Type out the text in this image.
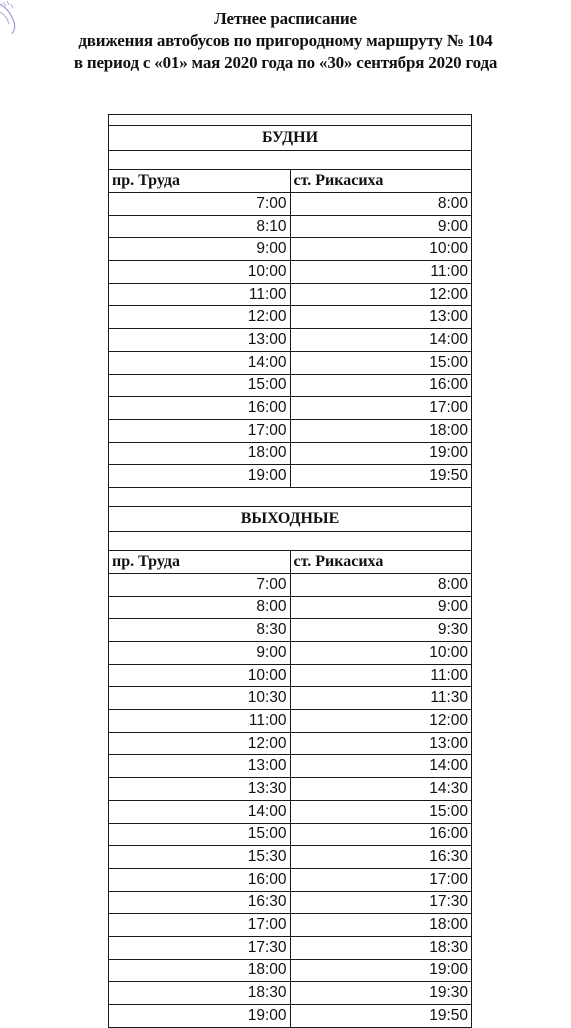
Летнее расписание
движения автобусов по пригородному маршруту № 104
в период с «01» мая 2020 года по «30» сентября 2020 года

БУДНИ	

пр. Труда	ст. Рикасиха
7:00	8:00
8:10	9:00
9:00	10:00
10:00	11:00
11:00	12:00
12:00	13:00
13:00	14:00
14:00	15:00
15:00	16:00
16:00	17:00
17:00	18:00
18:00	19:00
19:00	19:50

ВЫХОДНЫЕ	

пр. Труда	ст. Рикасиха
7:00	8:00
8:00	9:00
8:30	9:30
9:00	10:00
10:00	11:00
10:30	11:30
11:00	12:00
12:00	13:00
13:00	14:00
13:30	14:30
14:00	15:00
15:00	16:00
15:30	16:30
16:00	17:00
16:30	17:30
17:00	18:00
17:30	18:30
18:00	19:00
18:30	19:30
19:00	19:50
